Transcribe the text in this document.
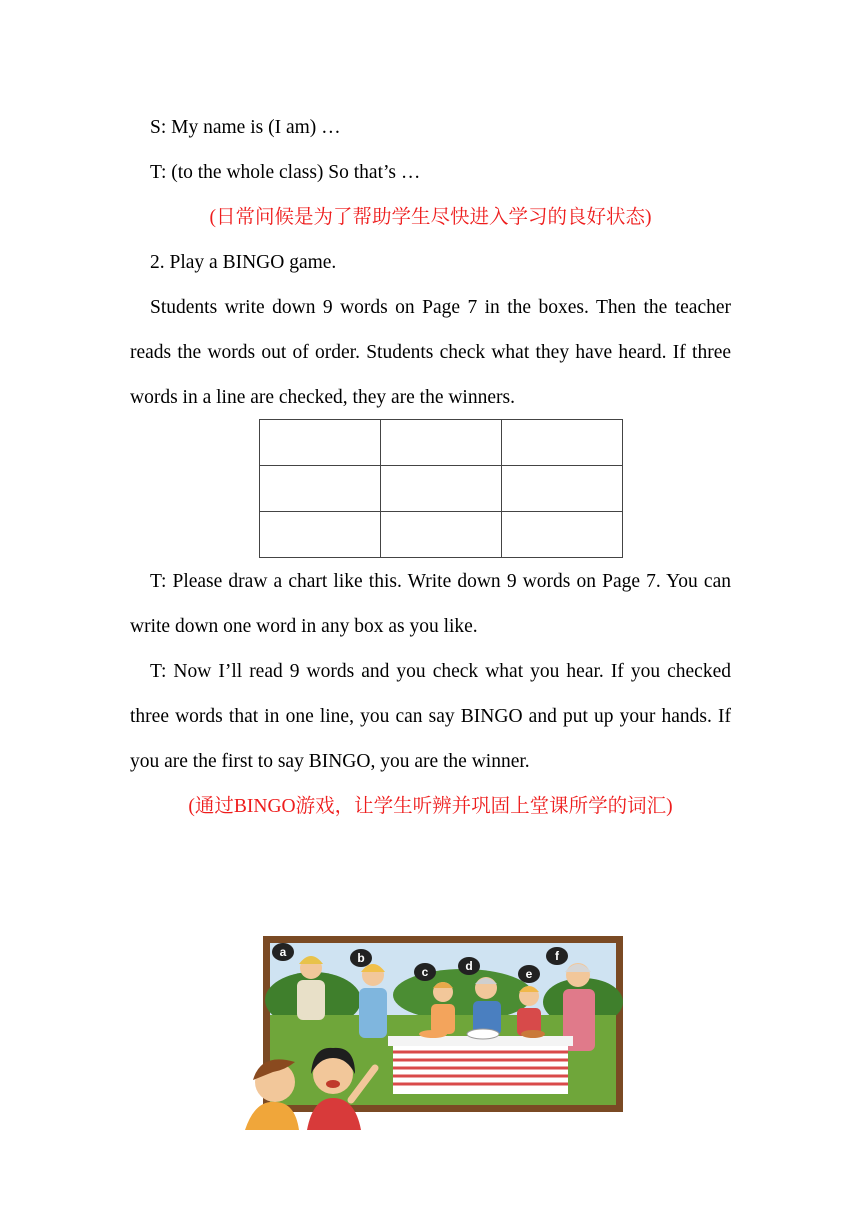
S: My name is (I am) …

T: (to the whole class) So that’s …

(日常问候是为了帮助学生尽快进入学习的良好状态)

2. Play a BINGO game.

Students write down 9 words on Page 7 in the boxes. Then the teacher reads the words out of order. Students check what they have heard. If three words in a line are checked, they are the winners.

T: Please draw a chart like this. Write down 9 words on Page 7. You can write down one word in any box as you like.

T: Now I’ll read 9 words and you check what you hear. If you checked three words that in one line, you can say BINGO and put up your hands. If you are the first to say BINGO, you are the winner.

(通过BINGO游戏，让学生听辨并巩固上堂课所学的词汇)

a	b
c	d
e
f
